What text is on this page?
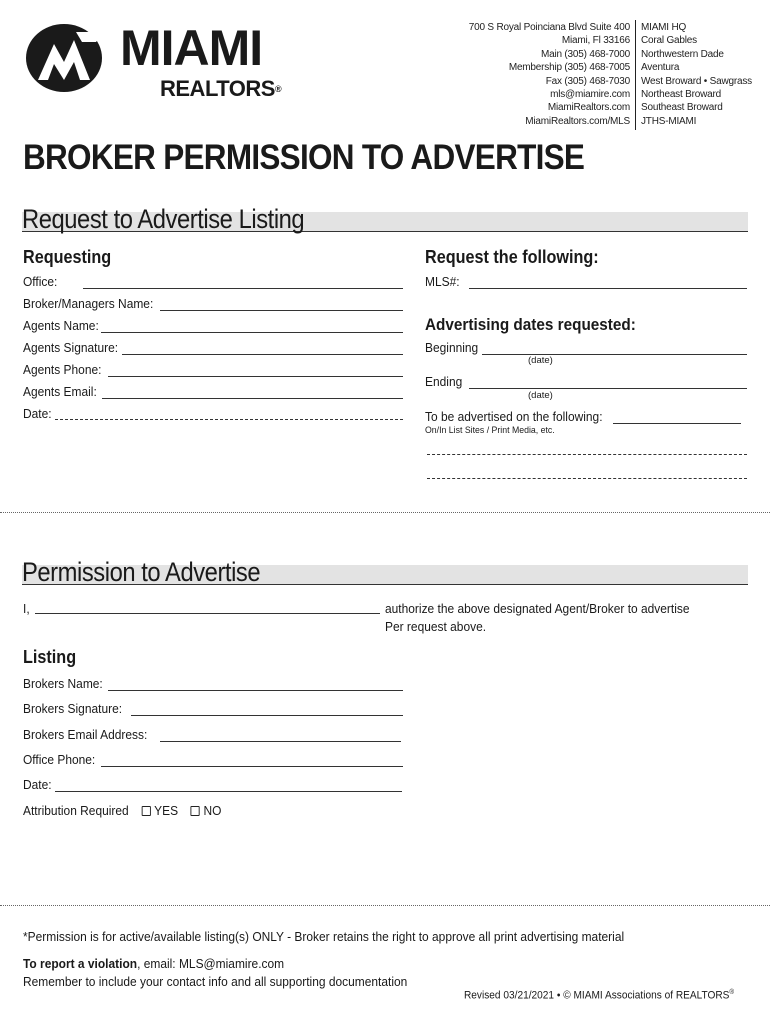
MIAMI
REALTORS®
700 S Royal Poinciana Blvd Suite 400
Miami, Fl 33166
Main (305) 468-7000
Membership (305) 468-7005
Fax (305) 468-7030
mls@miamire.com
MiamiRealtors.com
MiamiRealtors.com/MLS
MIAMI HQ
Coral Gables
Northwestern Dade
Aventura
West Broward • Sawgrass
Northeast Broward
Southeast Broward
JTHS-MIAMI
BROKER PERMISSION TO ADVERTISE
Request to Advertise Listing
Requesting
Office:
Broker/Managers Name:
Agents Name:
Agents Signature:
Agents Phone:
Agents Email:
Date:
Request the following:
MLS#:
Advertising dates requested:
Beginning
(date)
Ending
(date)
To be advertised on the following:
On/In List Sites / Print Media, etc.
Permission to Advertise
I,	authorize the above designated Agent/Broker to advertise
Per request above.
Listing
Brokers Name:
Brokers Signature:
Brokers Email Address:
Office Phone:
Date:
Attribution Required YES NO
*Permission is for active/available listing(s) ONLY - Broker retains the right to approve all print advertising material
To report a violation, email: MLS@miamire.com
Remember to include your contact info and all supporting documentation
Revised 03/21/2021 • © MIAMI Associations of REALTORS®
